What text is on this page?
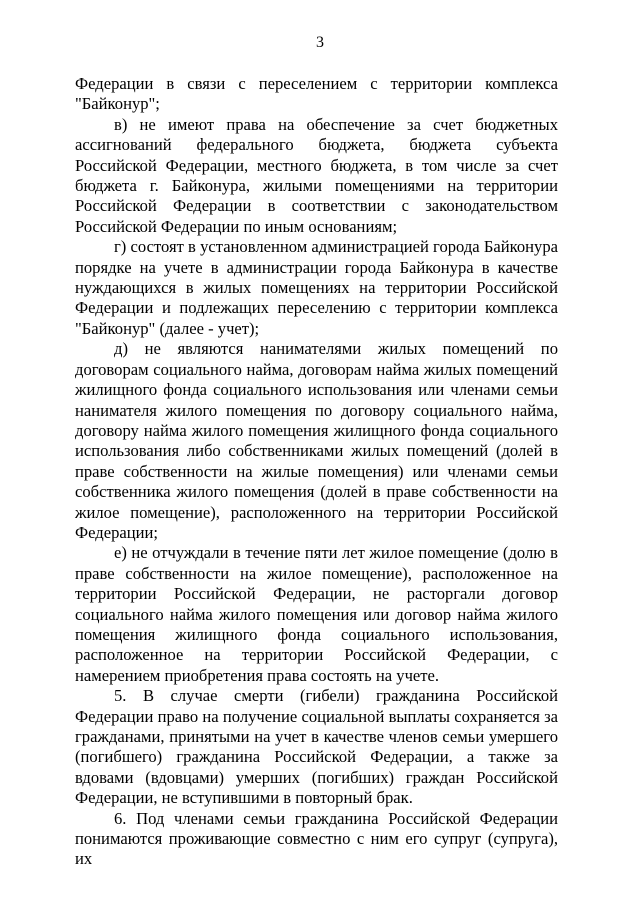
3

Федерации в связи с переселением с территории комплекса "Байконур";

в) не имеют права на обеспечение за счет бюджетных ассигнований федерального бюджета, бюджета субъекта Российской Федерации, местного бюджета, в том числе за счет бюджета г. Байконура, жилыми помещениями на территории Российской Федерации в соответствии с законодательством Российской Федерации по иным основаниям;

г) состоят в установленном администрацией города Байконура порядке на учете в администрации города Байконура в качестве нуждающихся в жилых помещениях на территории Российской Федерации и подлежащих переселению с территории комплекса "Байконур" (далее - учет);

д) не являются нанимателями жилых помещений по договорам социального найма, договорам найма жилых помещений жилищного фонда социального использования или членами семьи нанимателя жилого помещения по договору социального найма, договору найма жилого помещения жилищного фонда социального использования либо собственниками жилых помещений (долей в праве собственности на жилые помещения) или членами семьи собственника жилого помещения (долей в праве собственности на жилое помещение), расположенного на территории Российской Федерации;

е) не отчуждали в течение пяти лет жилое помещение (долю в праве собственности на жилое помещение), расположенное на территории Российской Федерации, не расторгали договор социального найма жилого помещения или договор найма жилого помещения жилищного фонда социального использования, расположенное на территории Российской Федерации, с намерением приобретения права состоять на учете.

5. В случае смерти (гибели) гражданина Российской Федерации право на получение социальной выплаты сохраняется за гражданами, принятыми на учет в качестве членов семьи умершего (погибшего) гражданина Российской Федерации, а также за вдовами (вдовцами) умерших (погибших) граждан Российской Федерации, не вступившими в повторный брак.

6. Под членами семьи гражданина Российской Федерации понимаются проживающие совместно с ним его супруг (супруга), их
